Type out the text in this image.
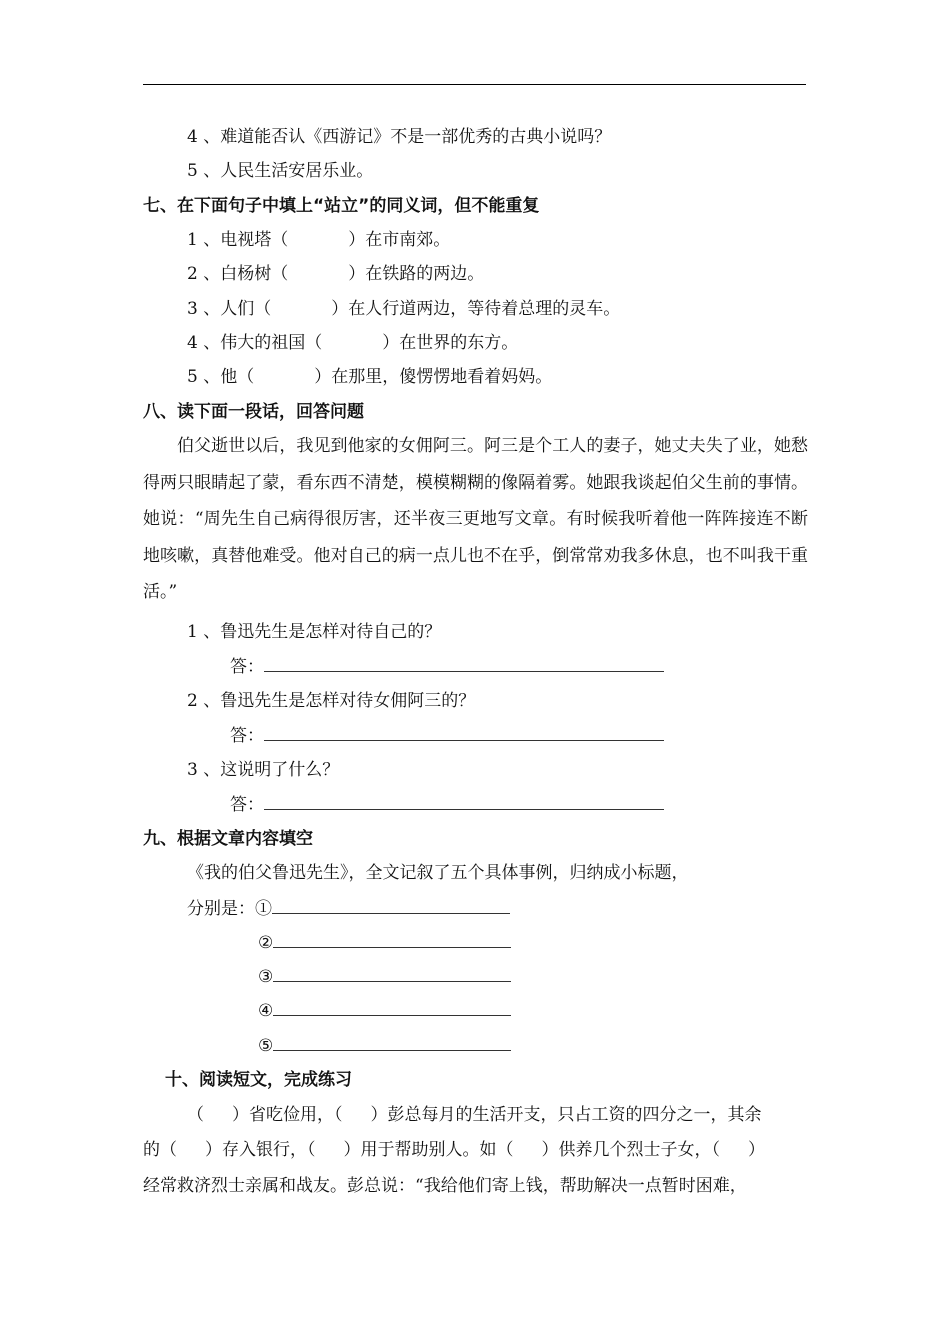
4 、难道能否认《西游记》不是一部优秀的古典小说吗？
5 、人民生活安居乐业。
七、在下面句子中填上“站立”的同义词，但不能重复
1 、电视塔（	）在市南郊。
2 、白杨树（	）在铁路的两边。
3 、人们（	）在人行道两边，等待着总理的灵车。
4 、伟大的祖国（	）在世界的东方。
5 、他（	）在那里，傻愣愣地看着妈妈。
八、读下面一段话，回答问题
伯父逝世以后，我见到他家的女佣阿三。阿三是个工人的妻子，她丈夫失了业，她愁得两只眼睛起了蒙，看东西不清楚，模模糊糊的像隔着雾。她跟我谈起伯父生前的事情。她说：“周先生自己病得很厉害，还半夜三更地写文章。有时候我听着他一阵阵接连不断地咳嗽，真替他难受。他对自己的病一点儿也不在乎，倒常常劝我多休息，也不叫我干重活。”
1 、鲁迅先生是怎样对待自己的？
答：
2 、鲁迅先生是怎样对待女佣阿三的？
答：
3 、这说明了什么？
答：
九、根据文章内容填空
《我的伯父鲁迅先生》，全文记叙了五个具体事例，归纳成小标题，
分别是：①
②
③
④
⑤
十、阅读短文，完成练习
（ ）省吃俭用，（ ）彭总每月的生活开支，只占工资的四分之一，其余
的（ ）存入银行，（ ）用于帮助别人。如（ ）供养几个烈士子女，（ ）
经常救济烈士亲属和战友。彭总说：“我给他们寄上钱，帮助解决一点暂时困难，
